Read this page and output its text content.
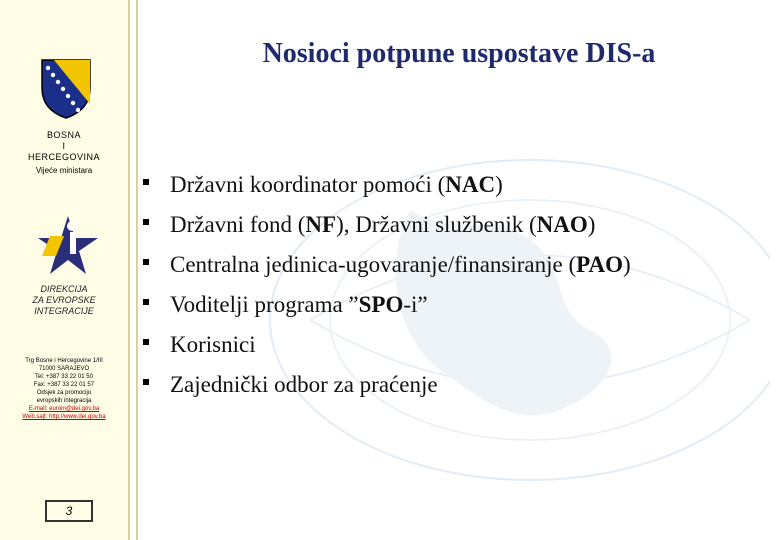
BOSNA
I
HERCEGOVINA
Vijeće ministara
DIREKCIJA
ZA EVROPSKE
INTEGRACIJE
Trg Bosne i Hercegovine 1/III
71000 SARAJEVO
Tel: +387 33 22 01 50
Fax: +387 33 22 01 57
Odsjek za promociju
evropskih integracija
E-mail: euroin@dei.gov.ba
Web.sajt: http://www.dei.gov.ba
3
Nosioci potpune uspostave DIS-a
Državni koordinator pomoći (NAC)
Državni fond (NF), Državni službenik (NAO)
Centralna jedinica-ugovaranje/finansiranje (PAO)
Voditelji programa ”SPO-i”
Korisnici
Zajednički odbor za praćenje
